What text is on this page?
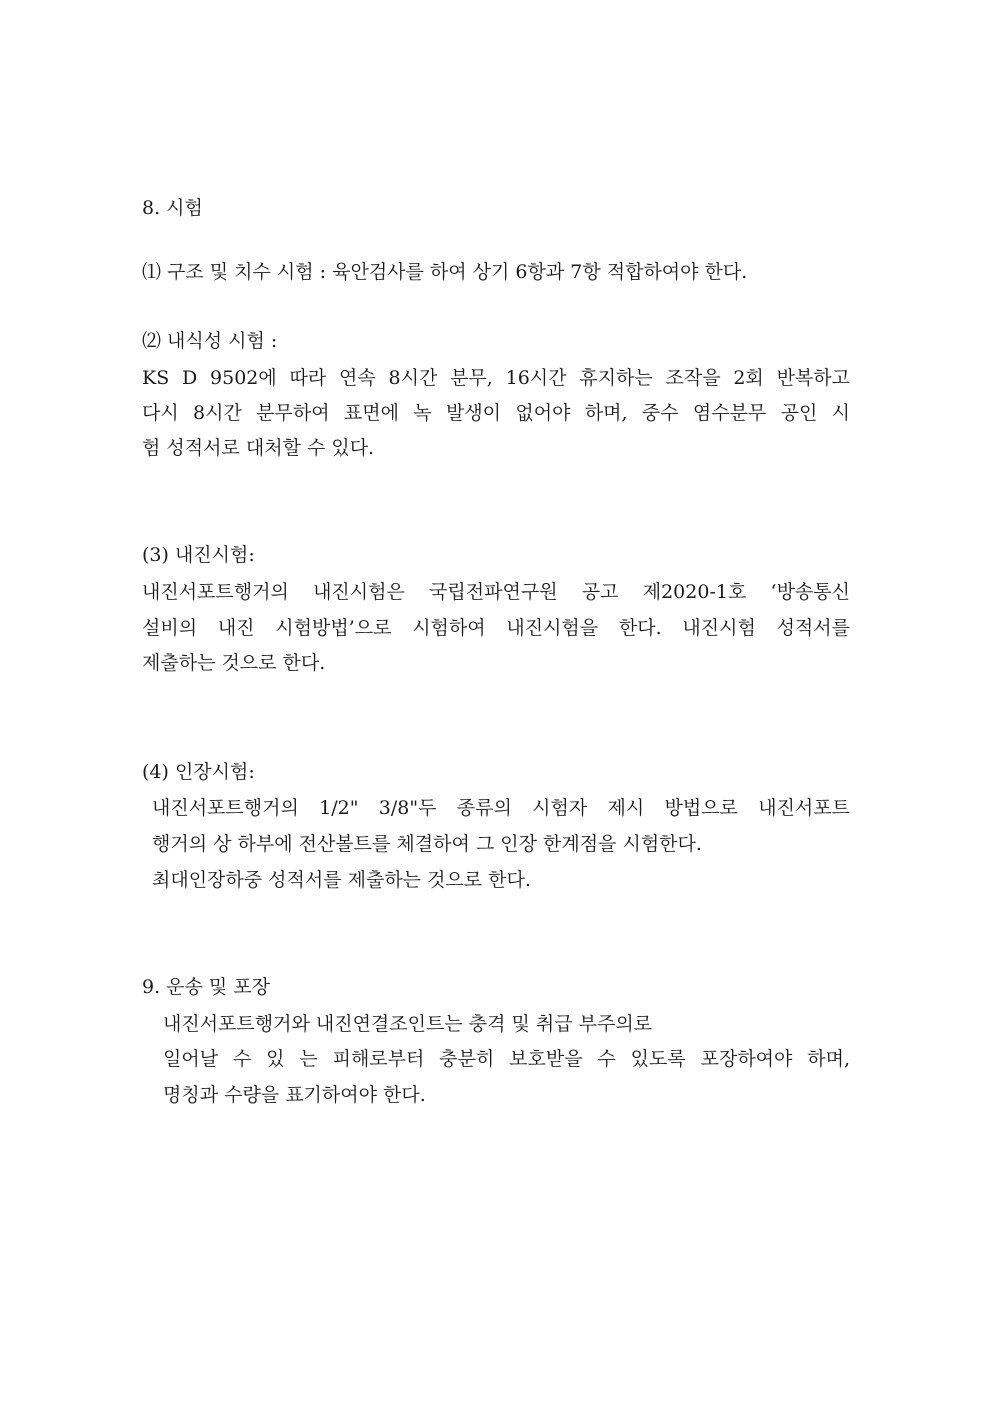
8. 시험
⑴ 구조 및 치수 시험 : 육안검사를 하여 상기 6항과 7항 적합하여야 한다.
⑵ 내식성 시험 :
KS D 9502에 따라 연속 8시간 분무, 16시간 휴지하는 조작을 2회 반복하고
다시 8시간 분무하여 표면에 녹 발생이 없어야 하며, 중수 염수분무 공인 시
험 성적서로 대처할 수 있다.
(3) 내진시험:
내진서포트행거의 내진시험은 국립전파연구원 공고 제2020-1호 ‘방송통신
설비의 내진 시험방법’으로 시험하여 내진시험을 한다. 내진시험 성적서를
제출하는 것으로 한다.
(4) 인장시험:
내진서포트행거의 1/2" 3/8"두 종류의 시험자 제시 방법으로 내진서포트
행거의 상 하부에 전산볼트를 체결하여 그 인장 한계점을 시험한다.
최대인장하중 성적서를 제출하는 것으로 한다.
9. 운송 및 포장
내진서포트행거와 내진연결조인트는 충격 및 취급 부주의로
일어날 수 있 는 피해로부터 충분히 보호받을 수 있도록 포장하여야 하며,
명칭과 수량을 표기하여야 한다.
